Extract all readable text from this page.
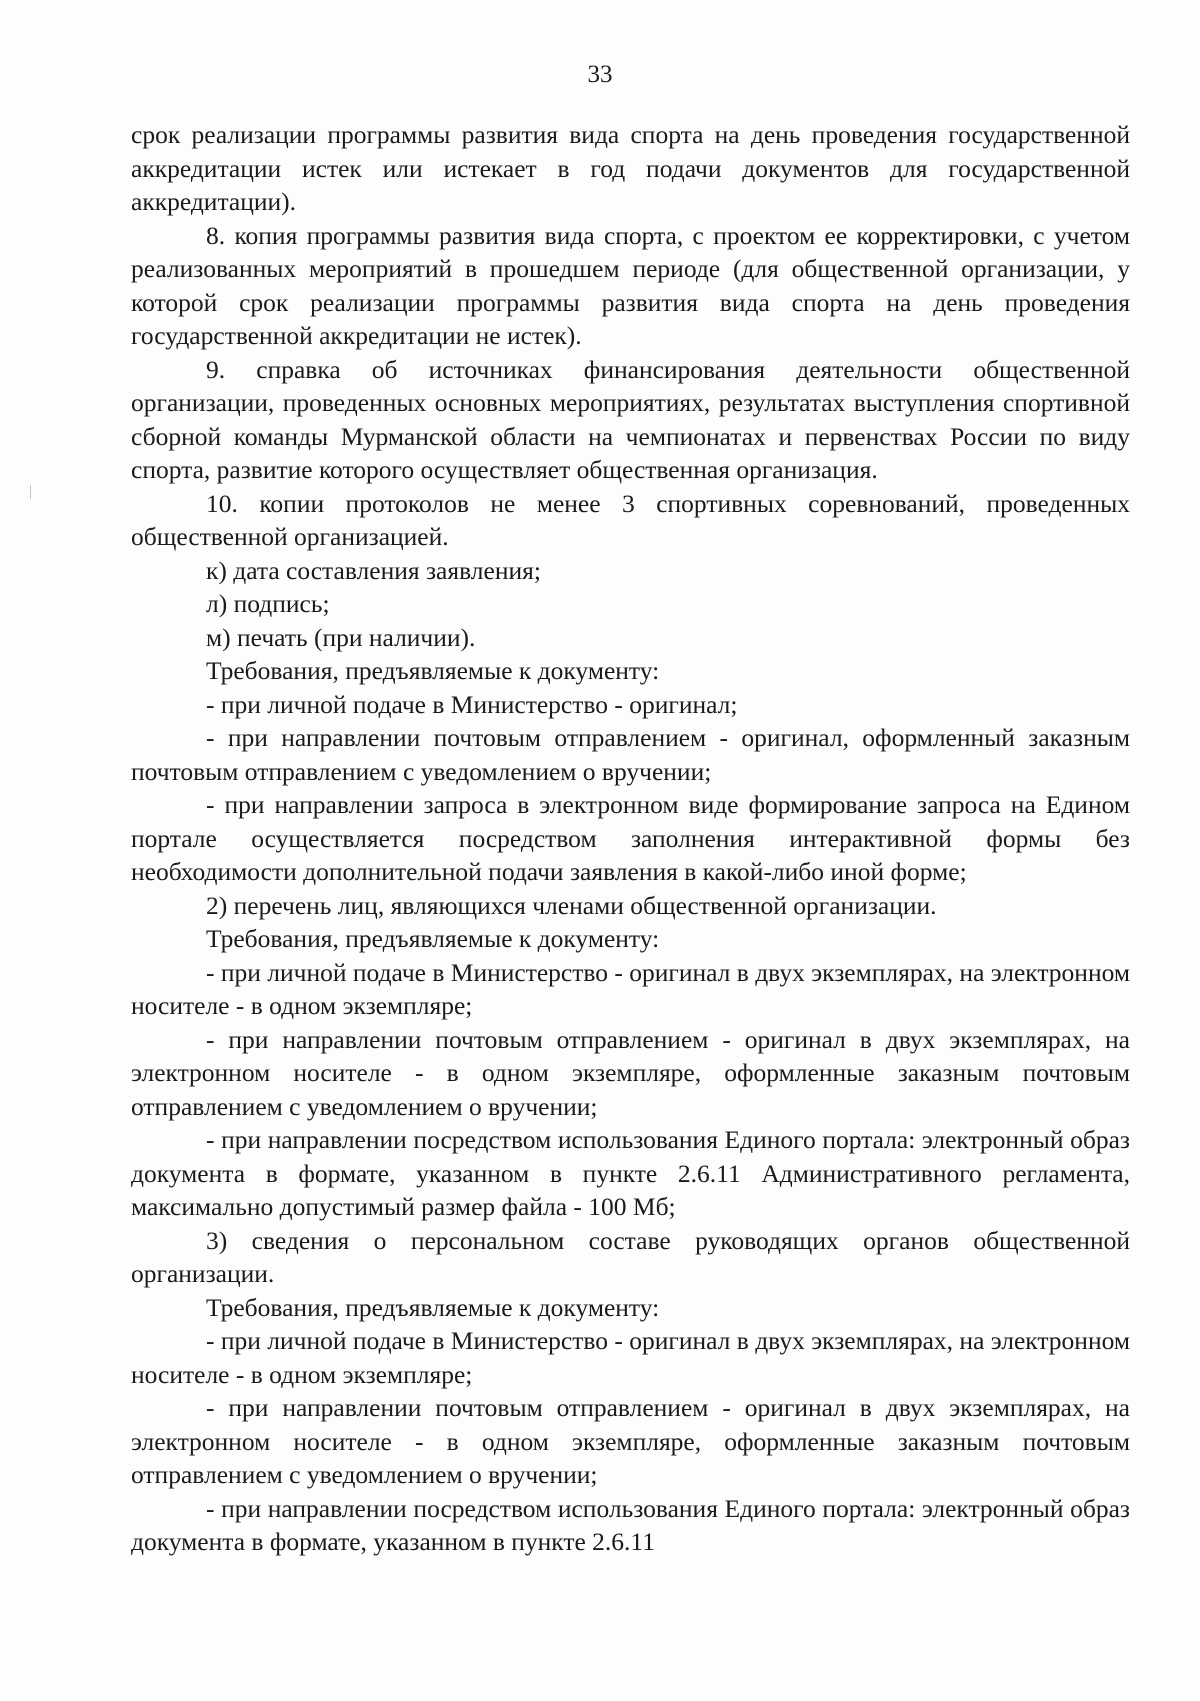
33

срок реализации программы развития вида спорта на день проведения государственной аккредитации истек или истекает в год подачи документов для государственной аккредитации).

8. копия программы развития вида спорта, с проектом ее корректировки, с учетом реализованных мероприятий в прошедшем периоде (для общественной организации, у которой срок реализации программы развития вида спорта на день проведения государственной аккредитации не истек).

9. справка об источниках финансирования деятельности общественной организации, проведенных основных мероприятиях, результатах выступления спортивной сборной команды Мурманской области на чемпионатах и первенствах России по виду спорта, развитие которого осуществляет общественная организация.

10. копии протоколов не менее 3 спортивных соревнований, проведенных общественной организацией.

к) дата составления заявления;

л) подпись;

м) печать (при наличии).

Требования, предъявляемые к документу:

- при личной подаче в Министерство - оригинал;

- при направлении почтовым отправлением - оригинал, оформленный заказным почтовым отправлением с уведомлением о вручении;

- при направлении запроса в электронном виде формирование запроса на Едином портале осуществляется посредством заполнения интерактивной формы без необходимости дополнительной подачи заявления в какой-либо иной форме;

2) перечень лиц, являющихся членами общественной организации.

Требования, предъявляемые к документу:

- при личной подаче в Министерство - оригинал в двух экземплярах, на электронном носителе - в одном экземпляре;

- при направлении почтовым отправлением - оригинал в двух экземплярах, на электронном носителе - в одном экземпляре, оформленные заказным почтовым отправлением с уведомлением о вручении;

- при направлении посредством использования Единого портала: электронный образ документа в формате, указанном в пункте 2.6.11 Административного регламента, максимально допустимый размер файла - 100 Мб;

3) сведения о персональном составе руководящих органов общественной организации.

Требования, предъявляемые к документу:

- при личной подаче в Министерство - оригинал в двух экземплярах, на электронном носителе - в одном экземпляре;

- при направлении почтовым отправлением - оригинал в двух экземплярах, на электронном носителе - в одном экземпляре, оформленные заказным почтовым отправлением с уведомлением о вручении;

- при направлении посредством использования Единого портала: электронный образ документа в формате, указанном в пункте 2.6.11
